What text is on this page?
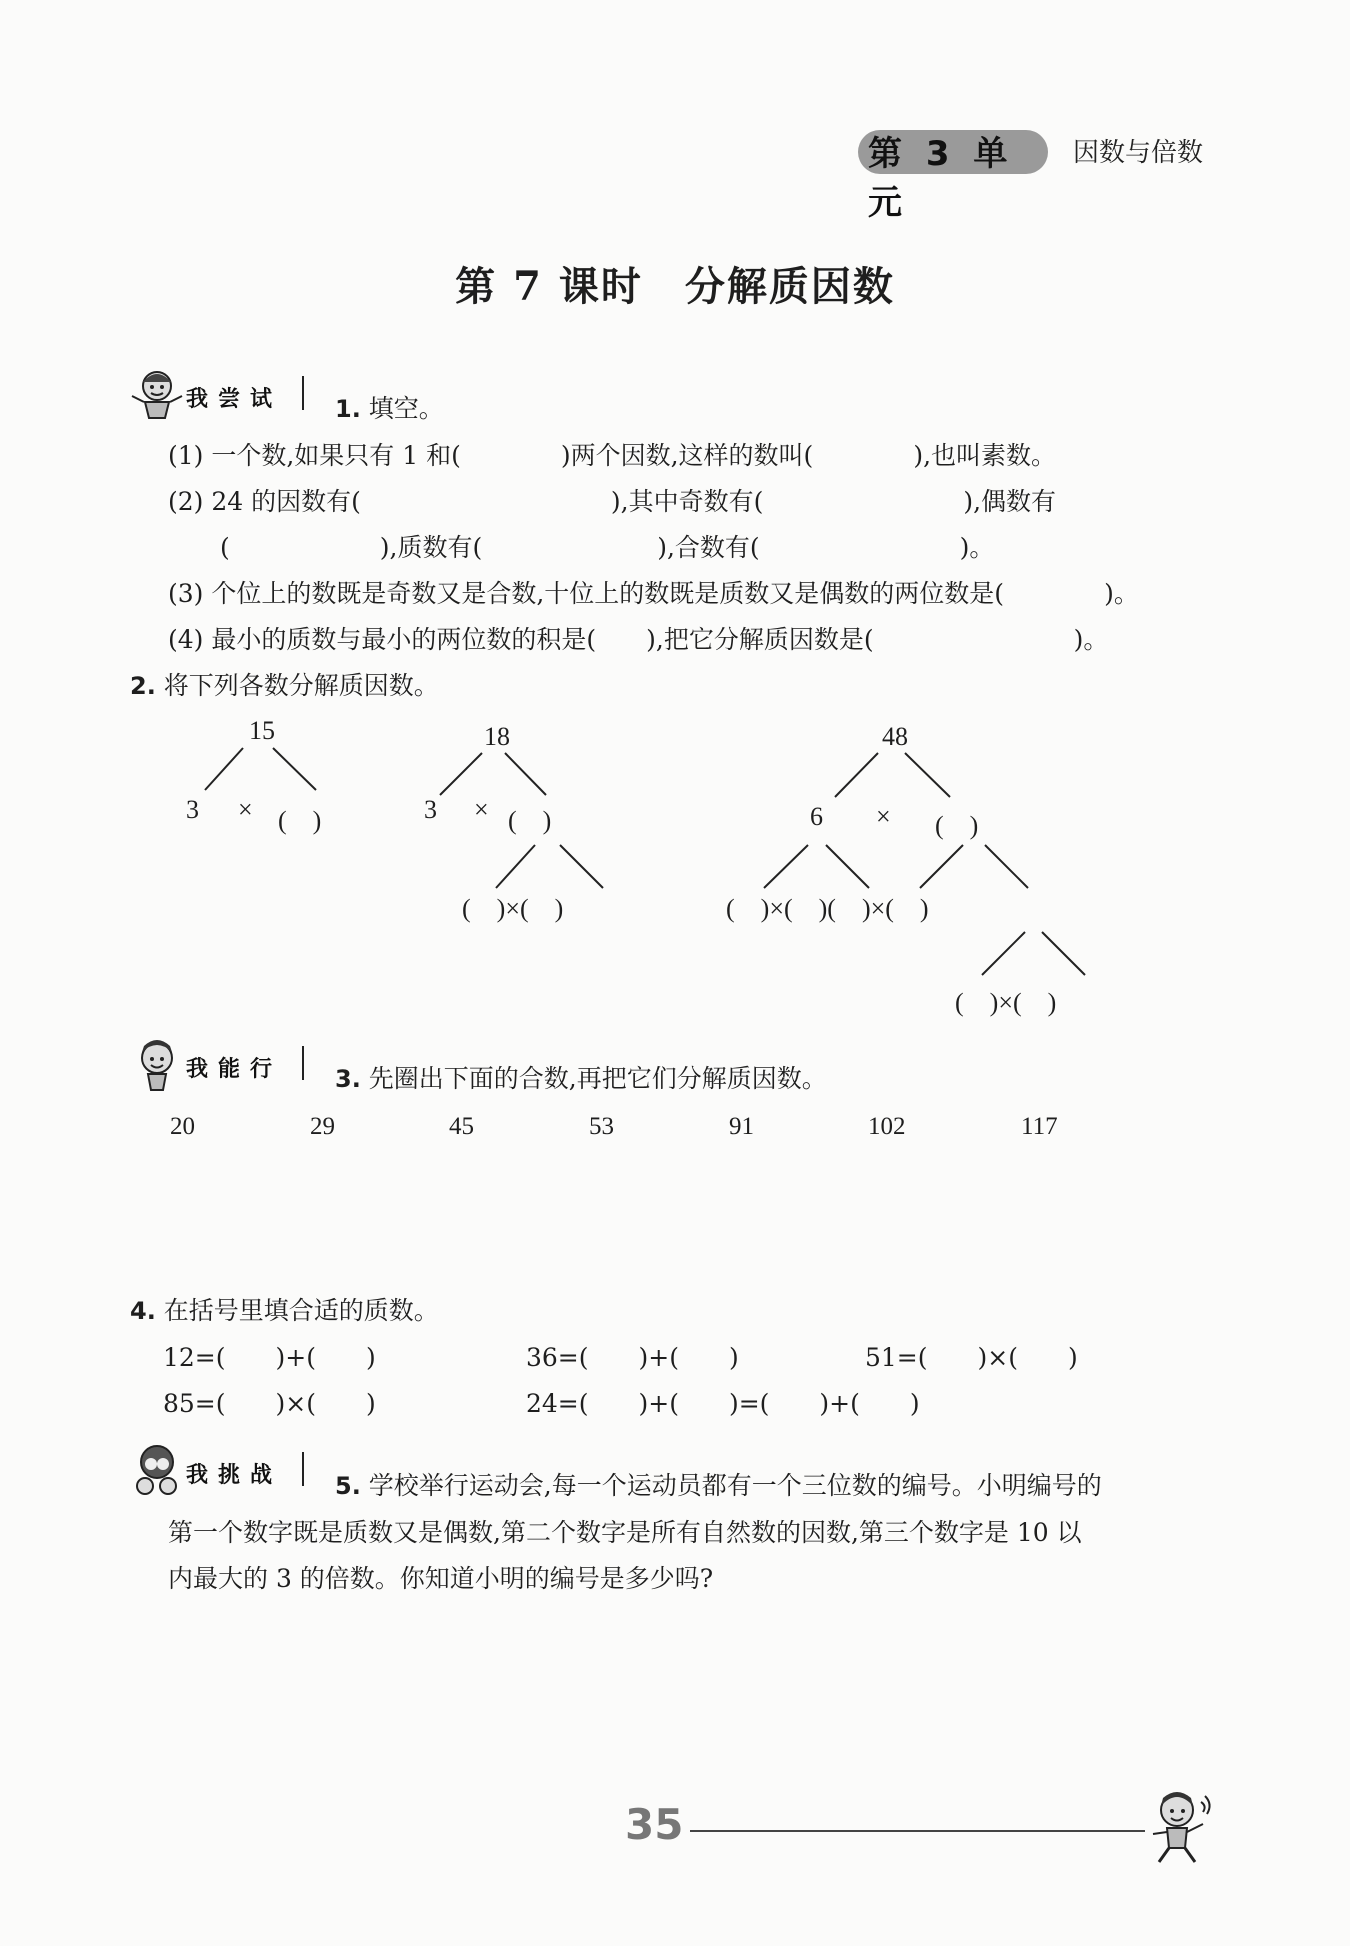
第 3 单元
因数与倍数
第 7 课时　分解质因数
我尝试 1. 填空。
(1) 一个数,如果只有 1 和(　　　　)两个因数,这样的数叫(　　　　),也叫素数。
(2) 24 的因数有(　　　　　　　　　　),其中奇数有(　　　　　　　　),偶数有
(　　　　　　),质数有(　　　　　　　),合数有(　　　　　　　　)。
(3) 个位上的数既是奇数又是合数,十位上的数既是质数又是偶数的两位数是(　　　　)。
(4) 最小的质数与最小的两位数的积是(　　),把它分解质因数是(　　　　　　　　)。
2. 将下列各数分解质因数。
15
3 × (　)
18
3 × (　)
(　)×(　)
48
6 × (　)
(　)×(　)(　)×(　)
(　)×(　)
我能行 3. 先圈出下面的合数,再把它们分解质因数。
20	29	45	53	91	102	117
4. 在括号里填合适的质数。
12=(　　)+(　　)	36=(　　)+(　　)	51=(　　)×(　　)
85=(　　)×(　　)	24=(　　)+(　　)=(　　)+(　　)
我挑战 5. 学校举行运动会,每一个运动员都有一个三位数的编号。小明编号的
第一个数字既是质数又是偶数,第二个数字是所有自然数的因数,第三个数字是 10 以
内最大的 3 的倍数。你知道小明的编号是多少吗?
35
